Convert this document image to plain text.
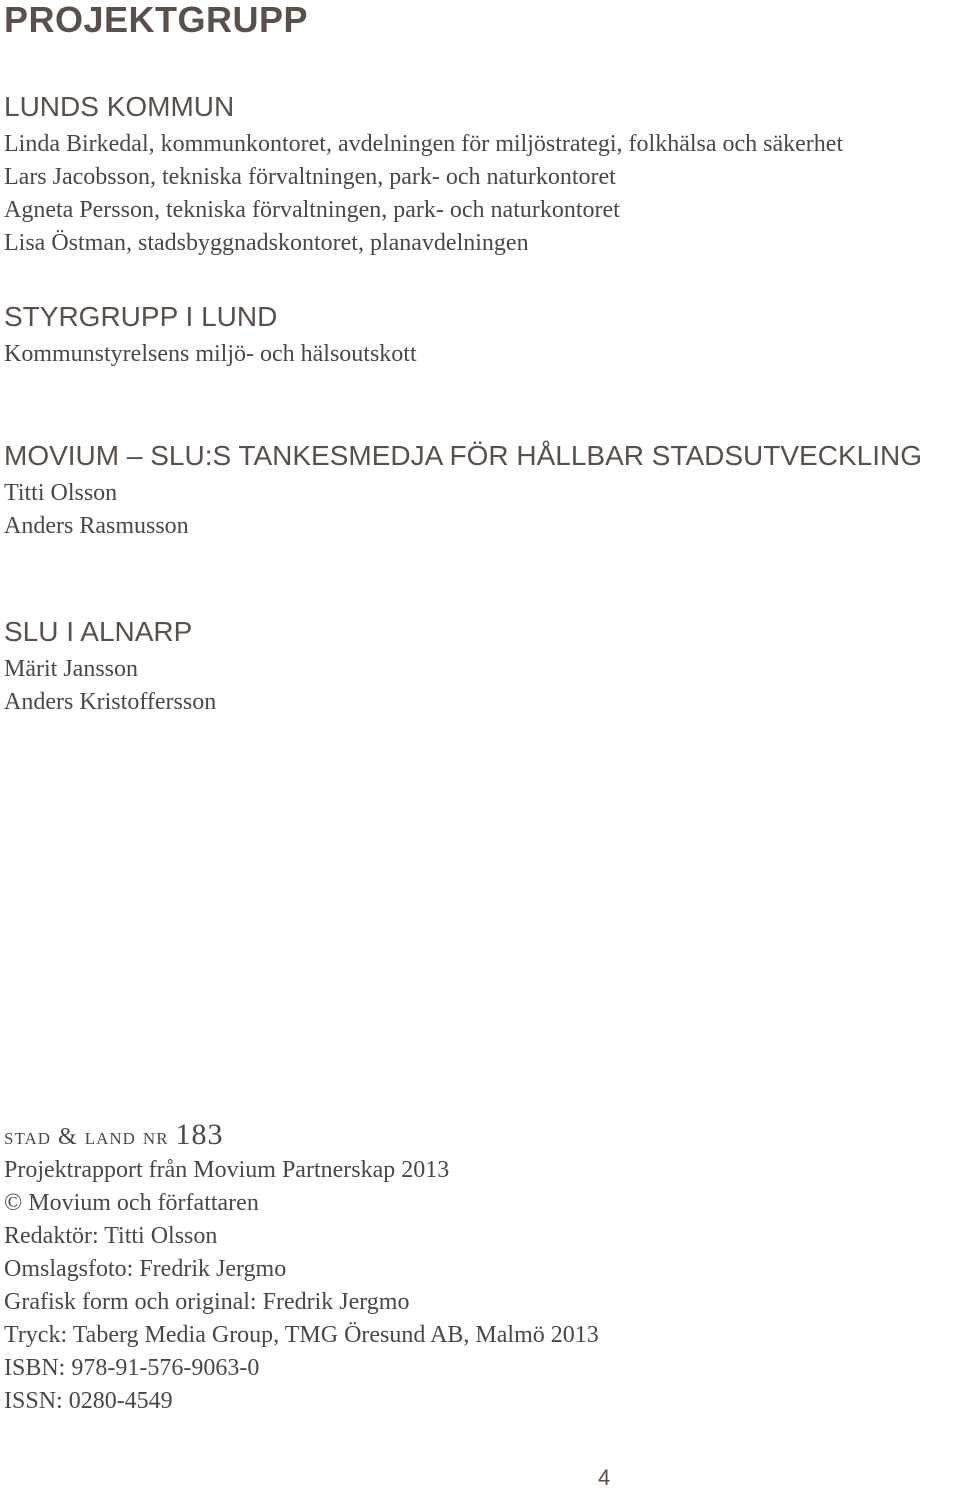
PROJEKTGRUPP
LUNDS KOMMUN
Linda Birkedal, kommunkontoret, avdelningen för miljöstrategi, folkhälsa och säkerhet
Lars Jacobsson, tekniska förvaltningen, park- och naturkontoret
Agneta Persson, tekniska förvaltningen, park- och naturkontoret
Lisa Östman, stadsbyggnadskontoret, planavdelningen
STYRGRUPP I LUND
Kommunstyrelsens miljö- och hälsoutskott
MOVIUM – SLU:S TANKESMEDJA FÖR HÅLLBAR STADSUTVECKLING
Titti Olsson
Anders Rasmusson
SLU I ALNARP
Märit Jansson
Anders Kristoffersson
stad & land nr 183
Projektrapport från Movium Partnerskap 2013
© Movium och författaren
Redaktör: Titti Olsson
Omslagsfoto: Fredrik Jergmo
Grafisk form och original: Fredrik Jergmo
Tryck: Taberg Media Group, TMG Öresund AB, Malmö 2013
ISBN: 978-91-576-9063-0
ISSN: 0280-4549
4
